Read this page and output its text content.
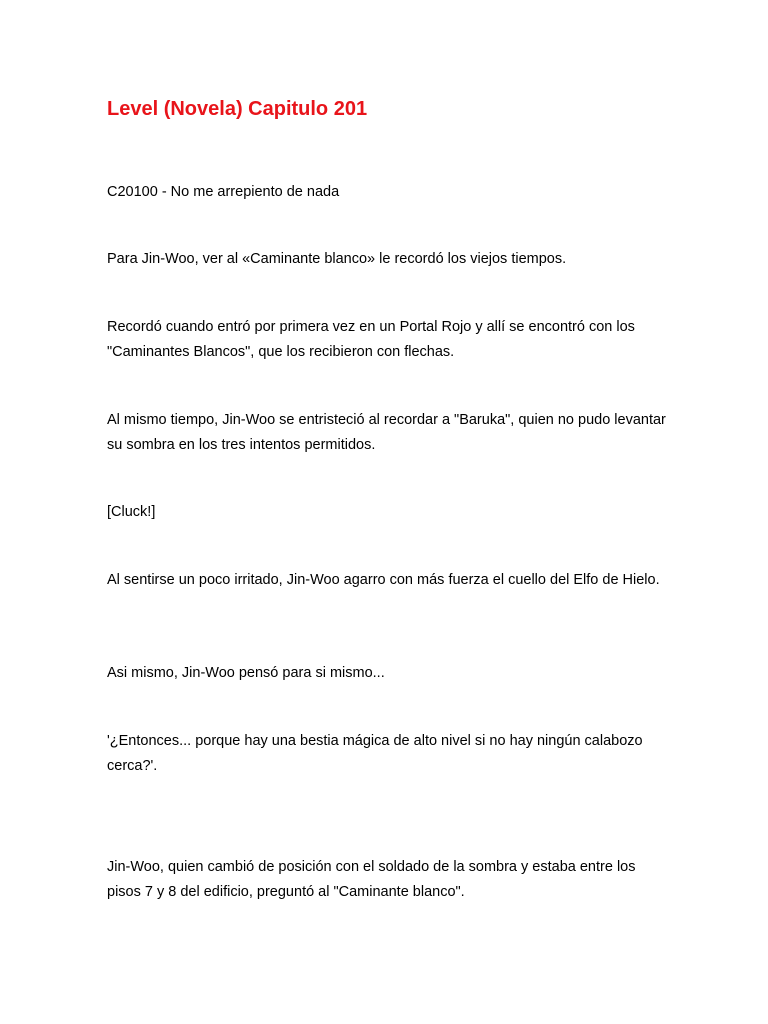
Level (Novela) Capitulo 201

C20100 - No me arrepiento de nada

Para Jin-Woo, ver al «Caminante blanco» le recordó los viejos tiempos.

Recordó cuando entró por primera vez en un Portal Rojo y allí se encontró con los "Caminantes Blancos", que los recibieron con flechas.

Al mismo tiempo, Jin-Woo se entristeció al recordar a "Baruka", quien no pudo levantar su sombra en los tres intentos permitidos.

[Cluck!]

Al sentirse un poco irritado, Jin-Woo agarro con más fuerza el cuello del Elfo de Hielo.

Asi mismo, Jin-Woo pensó para si mismo...

'¿Entonces... porque hay una bestia mágica de alto nivel si no hay ningún calabozo cerca?'.

Jin-Woo, quien cambió de posición con el soldado de la sombra y estaba entre los pisos 7 y 8 del edificio, preguntó al "Caminante blanco".
